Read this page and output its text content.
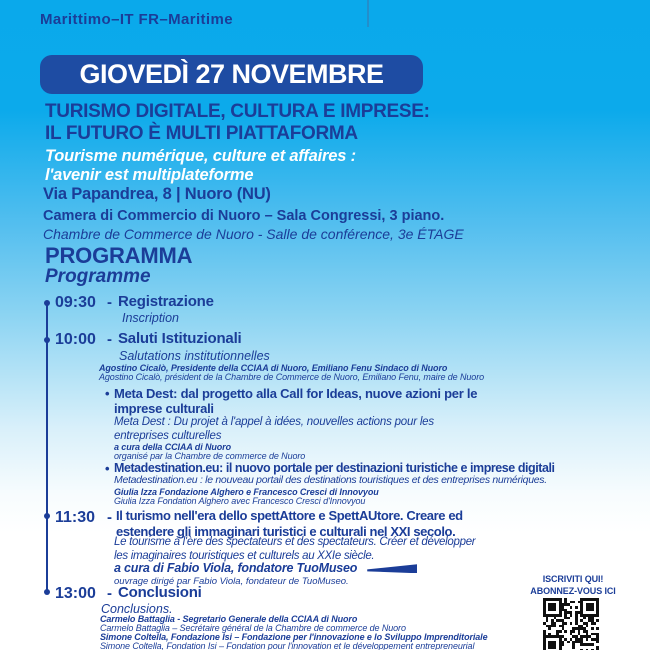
Marittimo–IT FR–Maritime
GIOVEDÌ 27 NOVEMBRE
TURISMO DIGITALE, CULTURA E IMPRESE:
IL FUTURO È MULTI PIATTAFORMA
Tourisme numérique, culture et affaires :
l'avenir est multiplateforme
Via Papandrea, 8 | Nuoro (NU)
Camera di Commercio di Nuoro – Sala Congressi, 3 piano.
Chambre de Commerce de Nuoro - Salle de conférence, 3e ÉTAGE
PROGRAMMA
Programme
09:30 - Registrazione
Inscription
10:00 - Saluti Istituzionali
Salutations institutionnelles
Agostino Cicalò, Presidente della CCIAA di Nuoro, Emiliano Fenu Sindaco di Nuoro
Agostino Cicalò, président de la Chambre de Commerce de Nuoro, Emiliano Fenu, maire de Nuoro
• Meta Dest: dal progetto alla Call for Ideas, nuove azioni per le
imprese culturali
Meta Dest : Du projet à l'appel à idées, nouvelles actions pour les
entreprises culturelles
a cura della CCIAA di Nuoro
organisé par la Chambre de commerce de Nuoro
• Metadestination.eu: il nuovo portale per destinazioni turistiche e imprese digitali
Metadestination.eu : le nouveau portail des destinations touristiques et des entreprises numériques.
Giulia Izza Fondazione Alghero e Francesco Cresci di Innovyou
Giulia Izza Fondation Alghero avec Francesco Cresci d'Innovyou
11:30 - Il turismo nell'era dello spettAttore e SpettAUtore. Creare ed
estendere gli immaginari turistici e culturali nel XXI secolo.
Le tourisme à l'ère des spectateurs et des spectateurs. Créer et développer
les imaginaires touristiques et culturels au XXIe siècle.
a cura di Fabio Viola, fondatore TuoMuseo
ouvrage dirigé par Fabio Viola, fondateur de TuoMuseo.
13:00 - Conclusioni
Conclusions.
Carmelo Battaglia - Segretario Generale della CCIAA di Nuoro
Carmelo Battaglia – Secrétaire général de la Chambre de commerce de Nuoro
Simone Coltella, Fondazione Isi – Fondazione per l'innovazione e lo Sviluppo Imprenditoriale
Simone Coltella, Fondation Isi – Fondation pour l'innovation et le développement entrepreneurial
ISCRIVITI QUI!
ABONNEZ-VOUS ICI
